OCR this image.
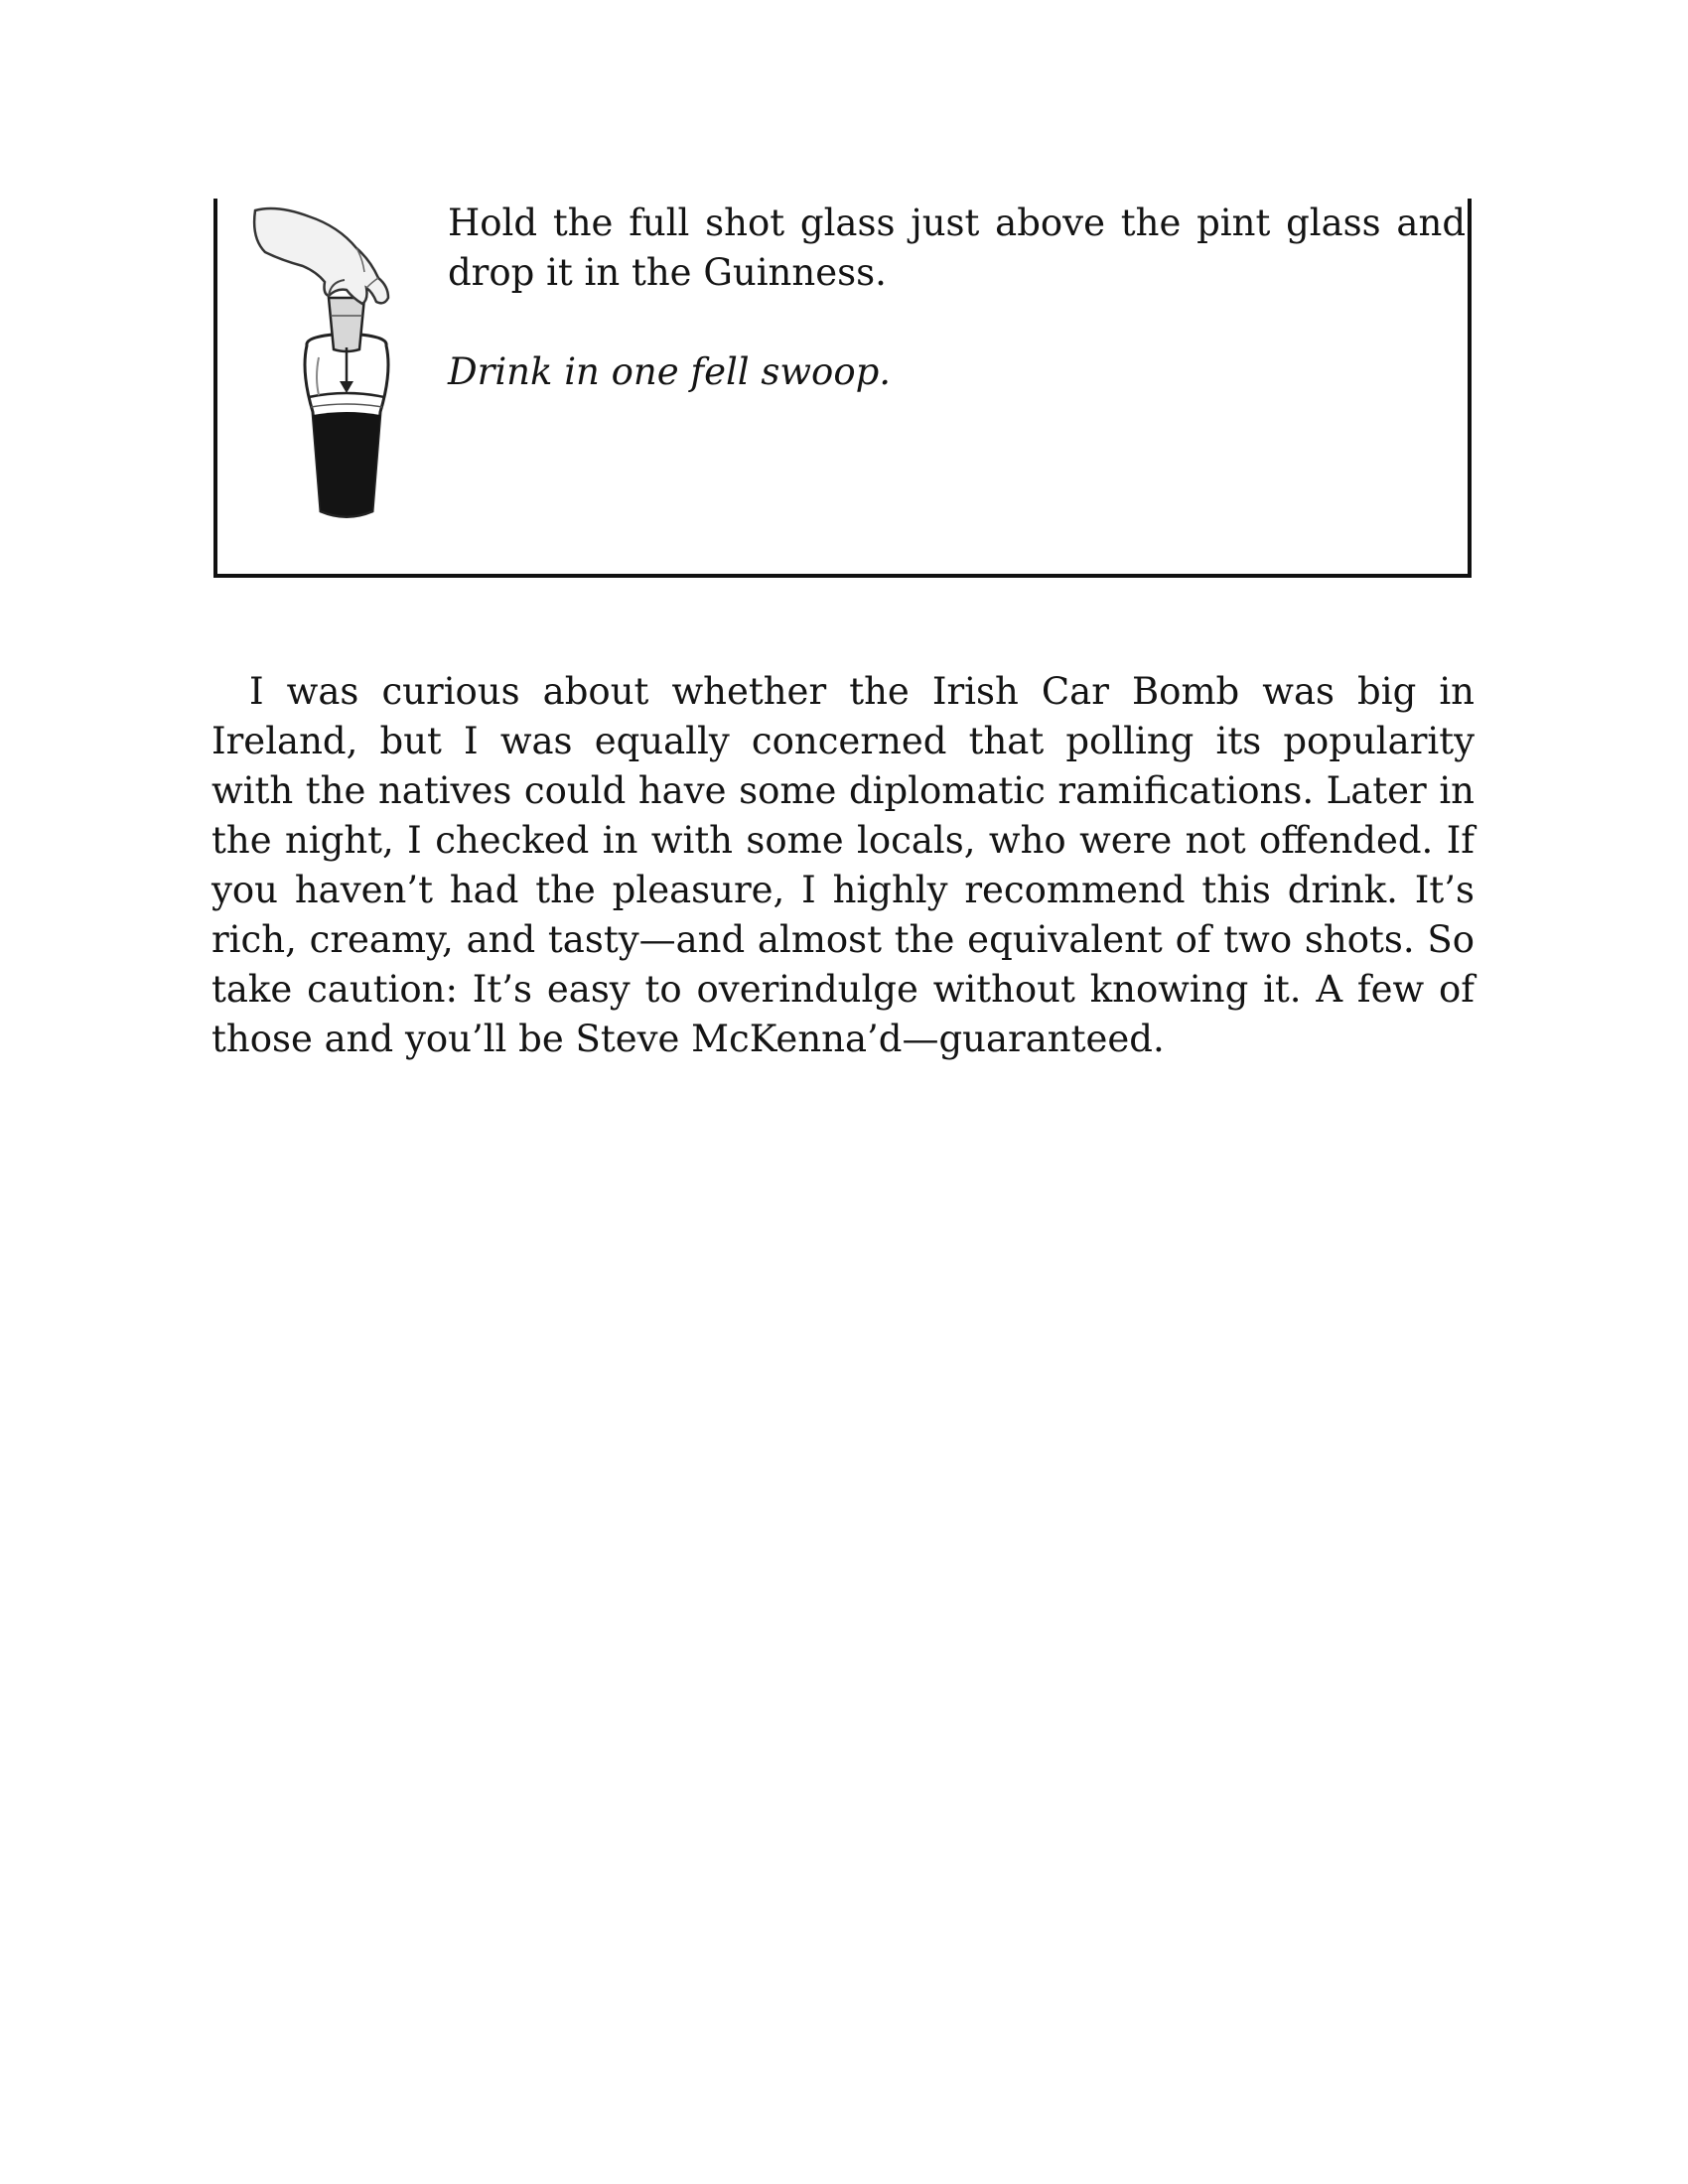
Hold the full shot glass just above the pint glass and drop it in the Guinness.

Drink in one fell swoop.

I was curious about whether the Irish Car Bomb was big in Ireland, but I was equally concerned that polling its popularity with the natives could have some diplomatic ramifications. Later in the night, I checked in with some locals, who were not offended. If you haven’t had the pleasure, I highly recommend this drink. It’s rich, creamy, and tasty—and almost the equivalent of two shots. So take caution: It’s easy to overindulge without knowing it. A few of those and you’ll be Steve McKenna’d—guaranteed.
